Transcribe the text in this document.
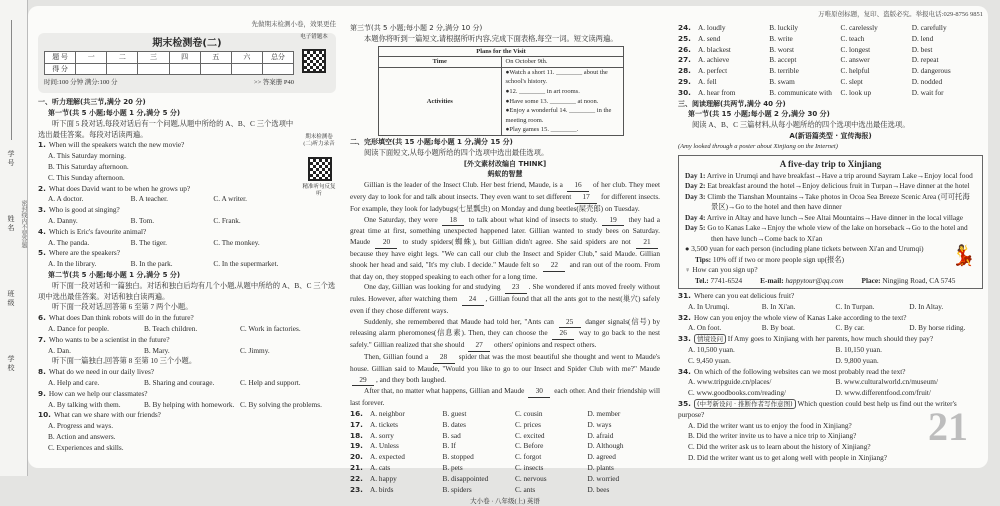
学号
姓名
班级
学校
密封线内不要答题
先做期末检测小卷，效果更佳
期末检测卷(二)
题 号	一	二	三	四	五	六	总分
得 分							
时间:100 分钟 满分:100 分	>> 答案册 P40
电子错题本
一、听力理解(共三节,满分 20 分)
第一节(共 5 小题;每小题 1 分,满分 5 分)
听下面 5 段对话,每段对话后有一个问题,从题中所给的 A、B、C 三个选项中选出最佳答案。每段对话读两遍。	期末检测卷(二)听力录音
精准听句反复听
1. When will the speakers watch the new movie?
A. This Saturday morning.
B. This Saturday afternoon.
C. This Sunday afternoon.
2. What does David want to be when he grows up?
A. A doctor.	B. A teacher.	C. A writer.
3. Who is good at singing?
A. Danny.	B. Tom.	C. Frank.
4. Which is Eric's favourite animal?
A. The panda.	B. The tiger.	C. The monkey.
5. Where are the speakers?
A. In the library.	B. In the park.	C. In the supermarket.
第二节(共 5 小题;每小题 1 分,满分 5 分)
听下面一段对话和一篇独白。对话和独白后均有几个小题,从题中所给的 A、B、C 三个选项中选出最佳答案。对话和独白读两遍。
听下面一段对话,回答第 6 至第 7 两个小题。
6. What does Dan think robots will do in the future?
A. Dance for people.	B. Teach children.	C. Work in factories.
7. Who wants to be a scientist in the future?
A. Dan.	B. Mary.	C. Jimmy.
听下面一篇独白,回答第 8 至第 10 三个小题。
8. What do we need in our daily lives?
A. Help and care.	B. Sharing and courage.	C. Help and support.
9. How can we help our classmates?
A. By talking with them.	B. By helping with homework. C. By solving the problems.
10. What can we share with our friends?
A. Progress and ways.
B. Action and answers.
C. Experiences and skills.
第三节(共 5 小题;每小题 2 分,满分 10 分)
本题你将听到一篇短文,请根据所听内容,完成下面表格,每空一词。短文读两遍。
Plans for the Visit	
Time	On October 9th.
Activities	●Watch a short 11. ________ about the school's history.
●12. ________ in art rooms.
●Have some 13. ________ at noon.
●Enjoy a wonderful 14. ________ in the meeting room.
●Play games 15. ________.
二、完形填空(共 15 小题;每小题 1 分,满分 15 分)
阅读下面短文,从每小题所给的四个选项中选出最佳选项。
[外文素材改编自 THINK]
蚂蚁的智慧
Gillian is the leader of the Insect Club. Her best friend, Maude, is a 16 of her club. They meet every day to look for and talk about insects. They even want to set different 17 for different insects. For example, they look for ladybugs(七星瓢虫) on Monday and dung beetles(屎壳郎) on Tuesday.
One Saturday, they were 18 to talk about what kind of insects to study. 19 they had a great time at first, something unexpected happened later. Gillian wanted to study bees on Saturday. Maude 20 to study spiders(蜘蛛), but Gillian didn't agree. She said spiders are not 21 because they have eight legs. "We can call our club the Insect and Spider Club," said Maude. Gillian shook her head and said, "It's my club. I decide." Maude felt so 22 and ran out of the room. From that day on, they stopped speaking to each other for a long time.
One day, Gillian was looking for and studying 23 . She wondered if ants moved freely without rules. However, after watching them 24 , Gillian found that all the ants got to the nest(巢穴) safely even if they chose different ways.
Suddenly, she remembered that Maude had told her, "Ants can 25 danger signals(信号) by releasing alarm pheromones(信息素). Then, they can choose the 26 way to go back to the nest safely." Gillian realized that she should 27 others' opinions and respect others.
Then, Gillian found a 28 spider that was the most beautiful she thought and went to Maude's house. Gillian said to Maude, "Would you like to go to our Insect and Spider Club with me?" Maude 29 , and they both laughed.
After that, no matter what happens, Gillian and Maude 30 each other. And their friendship will last forever.
16. A. neighbor	B. guest	C. cousin	D. member
17. A. tickets	B. dates	C. prices	D. ways
18. A. sorry	B. sad	C. excited	D. afraid
19. A. Unless	B. If	C. Before	D. Although
20. A. expected	B. stopped	C. forgot	D. agreed
21. A. cats	B. pets	C. insects	D. plants
22. A. happy	B. disappointed	C. nervous	D. worried
23. A. birds	B. spiders	C. ants	D. bees
大小卷 · 八年级(上) 英语
万唯原创标题，复印、盗版必究。举报电话:029-8756 9851
24. A. loudly	B. luckily	C. carelessly	D. carefully
25. A. send	B. write	C. teach	D. lend
26. A. blackest	B. worst	C. longest	D. best
27. A. achieve	B. accept	C. answer	D. repeat
28. A. perfect	B. terrible	C. helpful	D. dangerous
29. A. fell	B. swam	C. slept	D. nodded
30. A. hear from	B. communicate with	C. look up	D. wait for
三、阅读理解(共两节,满分 40 分)
第一节(共 15 小题;每小题 2 分,满分 30 分)
阅读 A、B、C 三篇材料,从每小题所给的四个选项中选出最佳选项。
A(新语篇类型 · 宣传海报)
(Amy looked through a poster about Xinjiang on the Internet)
A five-day trip to Xinjiang
Day 1: Arrive in Urumqi and have breakfast→Have a trip around Sayram Lake→Enjoy local food
Day 2: Eat breakfast around the hotel→Enjoy delicious fruit in Turpan→Have dinner at the hotel
Day 3: Climb the Tianshan Mountains→Take photos in Ocoa Sea Breeze Scenic Area (可可托海景区)→Go to the hotel and then have dinner
Day 4: Arrive in Altay and have lunch→See Altai Mountains→Have dinner in the local village
Day 5: Go to Kanas Lake→Enjoy the whole view of the lake on horseback→Go to the hotel and then have lunch→Come back to Xi'an
💃
● 3,500 yuan for each person (including plane tickets between Xi'an and Urumqi)
Tips: 10% off if two or more people sign up(报名)
♀ How can you sign up?
Tel.: 7741-6524 E-mail: happytour@qq.com Place: Ningjing Road, CA 5745
31. Where can you eat delicious fruit?
A. In Urumqi.	B. In Xi'an.	C. In Turpan.	D. In Altay.
32. How can you enjoy the whole view of Kanas Lake according to the text?
A. On foot.	B. By boat.	C. By car.	D. By horse riding.
33. 情境设问 If Amy goes to Xinjiang with her parents, how much should they pay?
A. 10,500 yuan.	B. 10,150 yuan.
C. 9,450 yuan.	D. 9,800 yuan.
34. On which of the following websites can we most probably read the text?
A. www.tripguide.cn/places/	B. www.culturalworld.cn/museum/
C. www.goodbooks.com/reading/	D. www.differentfood.com/fruit/
35. (中考新设问 · 推断作者写作意图) Which question could best help us find out the writer's purpose?
A. Did the writer want us to enjoy the food in Xinjiang?
B. Did the writer invite us to have a nice trip to Xinjiang?
C. Did the writer ask us to learn about the history of Xinjiang?
D. Did the writer want us to get along well with people in Xinjiang?
21
